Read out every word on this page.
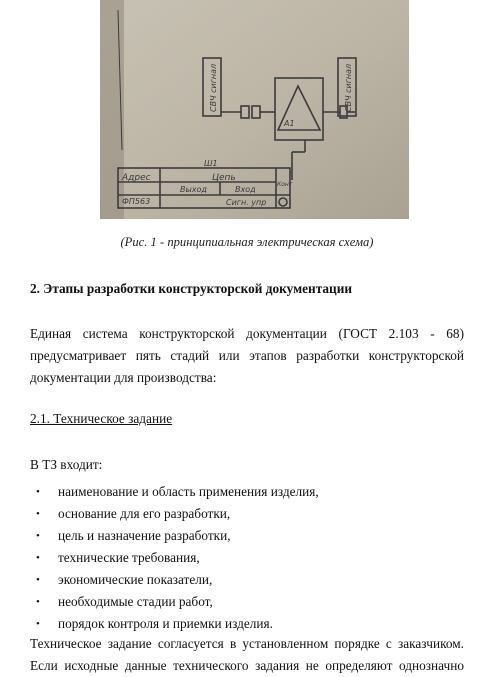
СВЧ сигнал	СВЧ сигнал
А1
Ш1
Адрес	Цепь
Выход	Вход
Конт
ФП563	Сигн. упр
(Рис. 1 - принципиальная электрическая схема)
2. Этапы разработки конструкторской документации
Единая система конструкторской документации (ГОСТ 2.103 - 68) предусматривает пять стадий или этапов разработки конструкторской документации для производства:
2.1. Техническое задание
В ТЗ входит:
• наименование и область применения изделия,
• основание для его разработки,
• цель и назначение разработки,
• технические требования,
• экономические показатели,
• необходимые стадии работ,
• порядок контроля и приемки изделия.
Техническое задание согласуется в установленном порядке с заказчиком. Если исходные данные технического задания не определяют однозначно
